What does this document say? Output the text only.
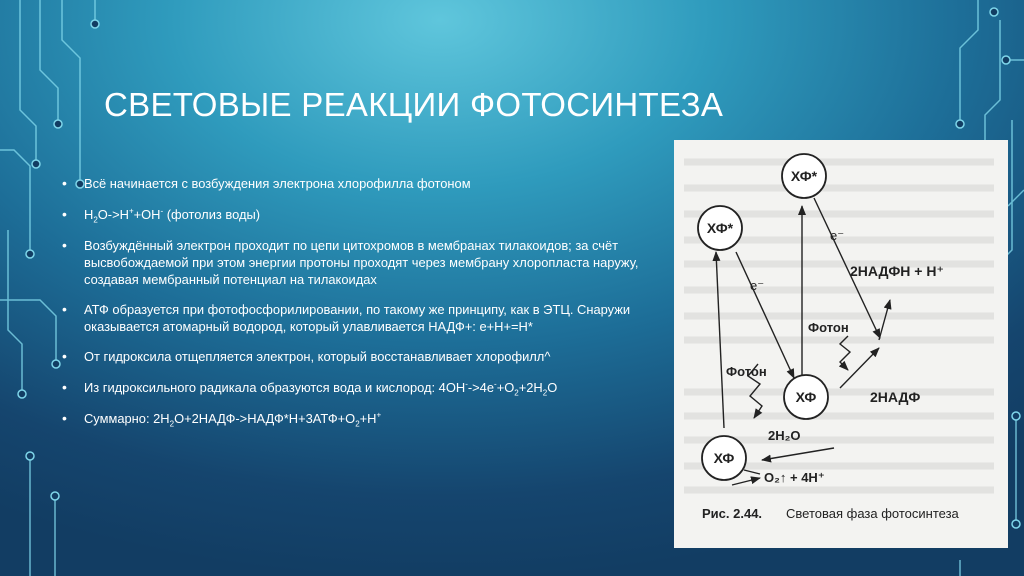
СВЕТОВЫЕ РЕАКЦИИ ФОТОСИНТЕЗА
• Всё начинается с возбуждения электрона хлорофилла фотоном
• $H_2O->H^++OH^-$ (фотолиз воды)
• Возбуждённый электрон проходит по цепи цитохромов в мембранах тилакоидов; за счёт высвобождаемой при этом энергии протоны проходят через мембрану хлоропласта наружу, создавая мембранный потенциал на тилакоидах
• АТФ образуется при фотофосфорилировании, по такому же принципу, как в ЭТЦ. Снаружи оказывается атомарный водород, который улавливается НАДФ+: е+Н+=Н*
• От гидроксила отщепляется электрон, который восстанавливает хлорофилл^
• Из гидроксильного радикала образуются вода и кислород: $4ОН^-->4е^-+О_2+2Н_2О$
• Суммарно: $2Н_2О+2НАДФ->НАДФ*Н+3АТФ+О_2+Н^+$
ХФ*
ХФ*
ХФ
ХФ
e⁻
e⁻
2НАДФН + Н⁺
Фотон
Фотон
2НАДФ
2H₂O
O₂↑ + 4H⁺
Рис. 2.44. Световая фаза фотосинтеза
